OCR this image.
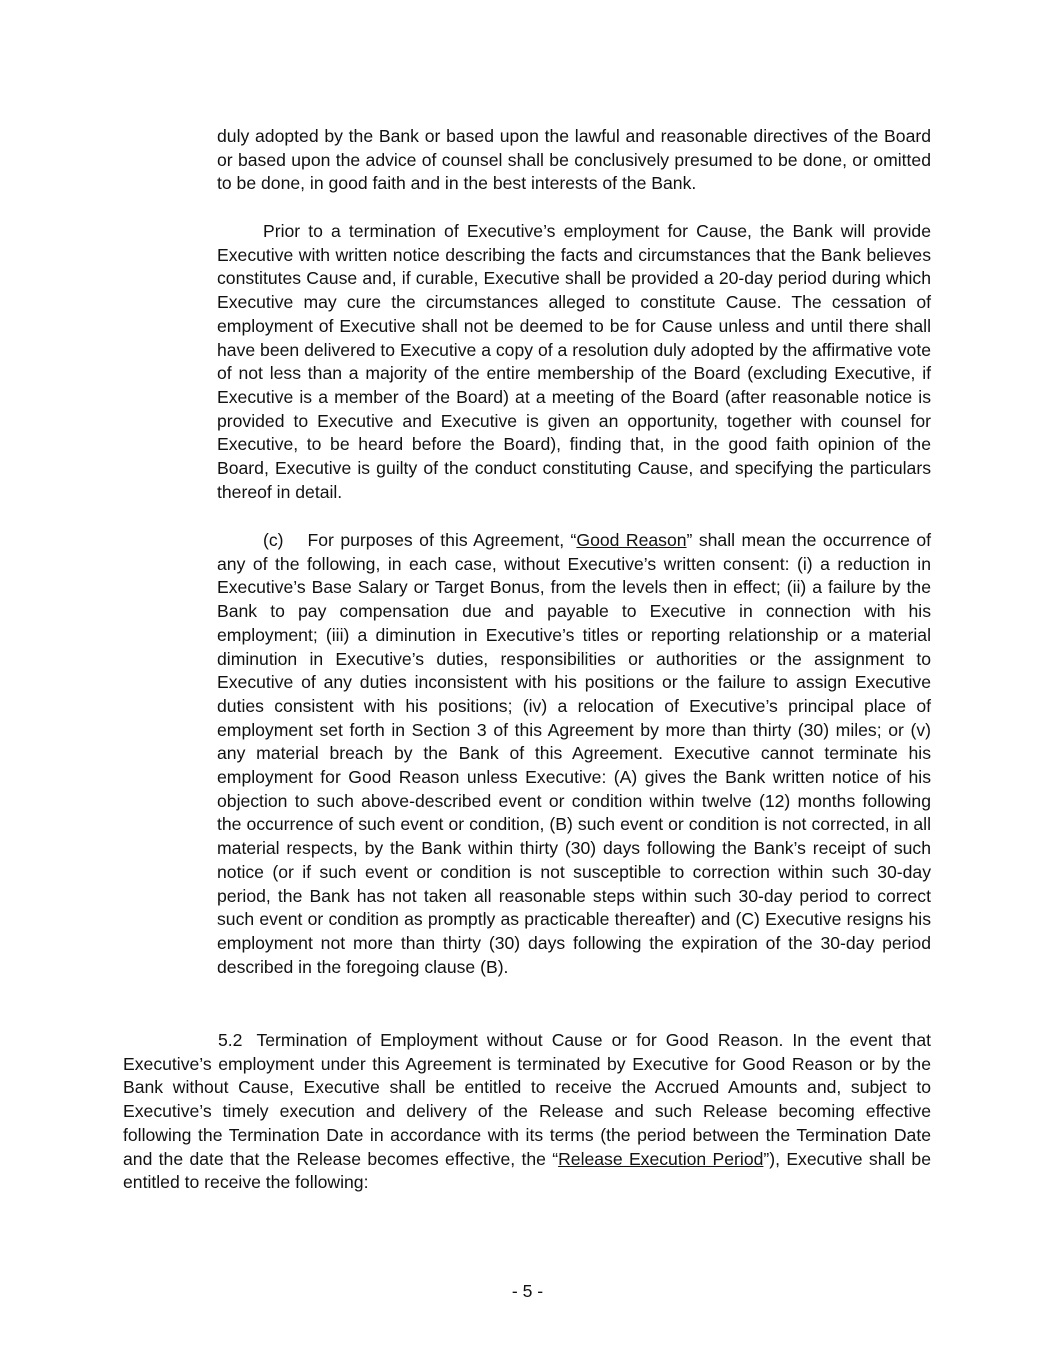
duly adopted by the Bank or based upon the lawful and reasonable directives of the Board or based upon the advice of counsel shall be conclusively presumed to be done, or omitted to be done, in good faith and in the best interests of the Bank.

Prior to a termination of Executive’s employment for Cause, the Bank will provide Executive with written notice describing the facts and circumstances that the Bank believes constitutes Cause and, if curable, Executive shall be provided a 20-day period during which Executive may cure the circumstances alleged to constitute Cause. The cessation of employment of Executive shall not be deemed to be for Cause unless and until there shall have been delivered to Executive a copy of a resolution duly adopted by the affirmative vote of not less than a majority of the entire membership of the Board (excluding Executive, if Executive is a member of the Board) at a meeting of the Board (after reasonable notice is provided to Executive and Executive is given an opportunity, together with counsel for Executive, to be heard before the Board), finding that, in the good faith opinion of the Board, Executive is guilty of the conduct constituting Cause, and specifying the particulars thereof in detail.

(c) For purposes of this Agreement, “Good Reason” shall mean the occurrence of any of the following, in each case, without Executive’s written consent: (i) a reduction in Executive’s Base Salary or Target Bonus, from the levels then in effect; (ii) a failure by the Bank to pay compensation due and payable to Executive in connection with his employment; (iii) a diminution in Executive’s titles or reporting relationship or a material diminution in Executive’s duties, responsibilities or authorities or the assignment to Executive of any duties inconsistent with his positions or the failure to assign Executive duties consistent with his positions; (iv) a relocation of Executive’s principal place of employment set forth in Section 3 of this Agreement by more than thirty (30) miles; or (v) any material breach by the Bank of this Agreement. Executive cannot terminate his employment for Good Reason unless Executive: (A) gives the Bank written notice of his objection to such above-described event or condition within twelve (12) months following the occurrence of such event or condition, (B) such event or condition is not corrected, in all material respects, by the Bank within thirty (30) days following the Bank’s receipt of such notice (or if such event or condition is not susceptible to correction within such 30-day period, the Bank has not taken all reasonable steps within such 30-day period to correct such event or condition as promptly as practicable thereafter) and (C) Executive resigns his employment not more than thirty (30) days following the expiration of the 30-day period described in the foregoing clause (B).

5.2 Termination of Employment without Cause or for Good Reason. In the event that Executive’s employment under this Agreement is terminated by Executive for Good Reason or by the Bank without Cause, Executive shall be entitled to receive the Accrued Amounts and, subject to Executive’s timely execution and delivery of the Release and such Release becoming effective following the Termination Date in accordance with its terms (the period between the Termination Date and the date that the Release becomes effective, the “Release Execution Period”), Executive shall be entitled to receive the following:

- 5 -
